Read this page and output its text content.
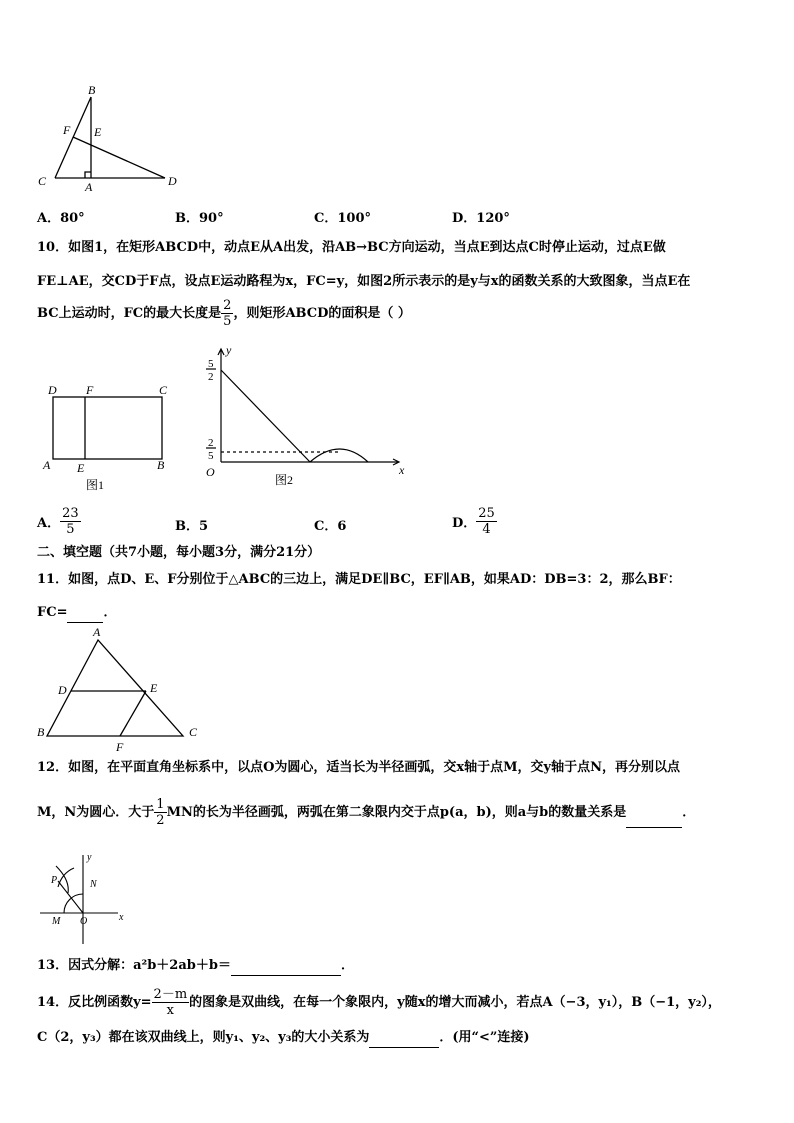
B
F E
C	A	D
A．80°	B．90°	C．100°	D．120°
10．如图1，在矩形ABCD中，动点E从A出发，沿AB→BC方向运动，当点E到达点C时停止运动，过点E做
FE⊥AE，交CD于F点，设点E运动路程为x，FC=y，如图2所示表示的是y与x的函数关系的大致图象，当点E在
BC上运动时，FC的最大长度是 $\frac{2}{5}$ ，则矩形ABCD的面积是（ ）
D F	C
A E	B
图1
y
x
O
5
2
2
5
图2
A． $\frac{23}{5}$	B．5	C．6	D． $\frac{25}{4}$
二、填空题（共7小题，每小题3分，满分21分）
11．如图，点D、E、F分别位于△ABC的三边上，满足DE∥BC，EF∥AB，如果AD：DB=3：2，那么BF：
FC=	．
A
D	E
B	C
F
12．如图，在平面直角坐标系中，以点O为圆心，适当长为半径画弧，交x轴于点M，交y轴于点N，再分别以点
M，N为圆心．大于 $\frac{1}{2}$ MN的长为半径画弧，两弧在第二象限内交于点p(a，b)，则a与b的数量关系是	．
y
x
P	N
M O
13．因式分解：a²b＋2ab＋b＝	．
14．反比例函数$y= \frac{2-m}{x}$ 的图象是双曲线，在每一个象限内，y随x的增大而减小，若点A（−3，y₁），B（−1，y₂），
C（2，y₃）都在该双曲线上，则y₁、y₂、y₃的大小关系为	．(用“<”连接)
